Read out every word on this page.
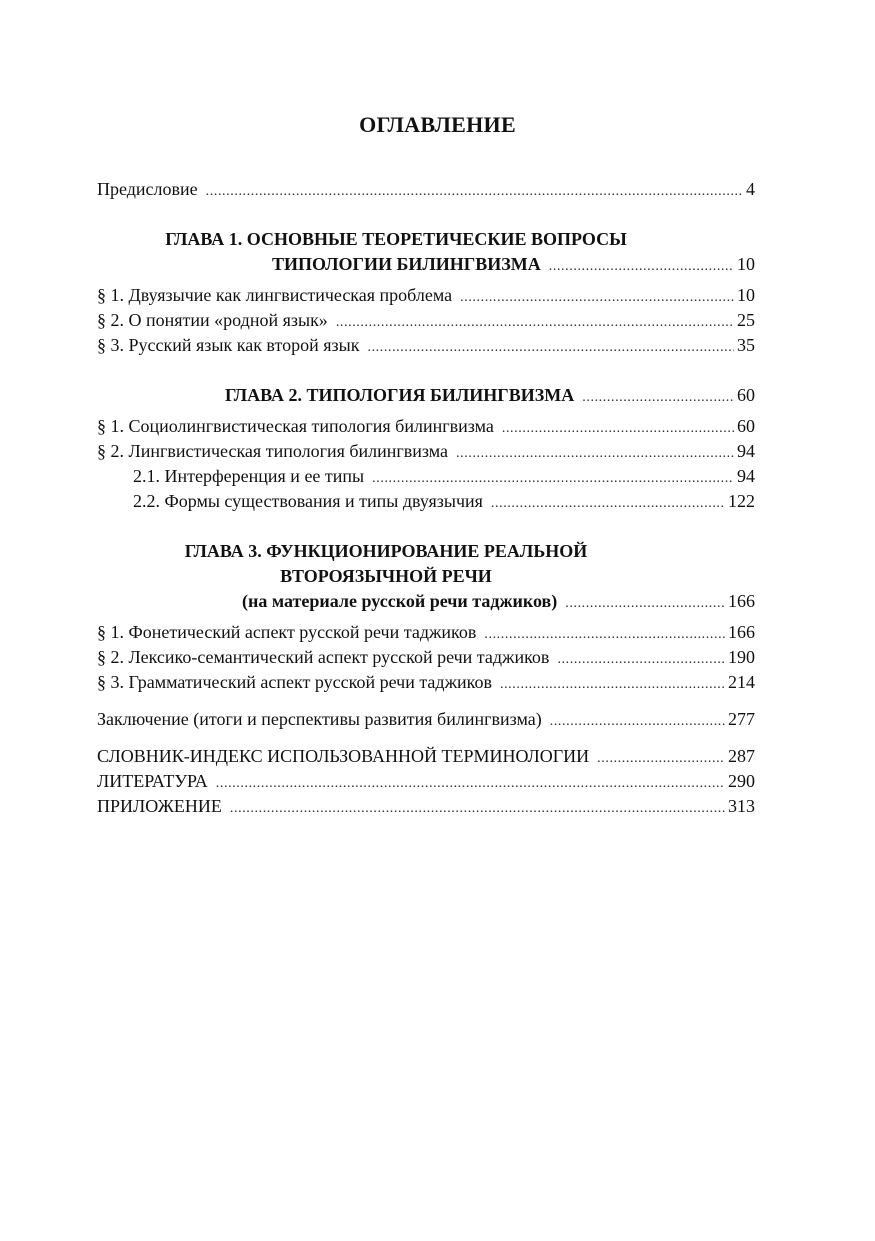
ОГЛАВЛЕНИЕ
Предисловие .....	4
ГЛАВА 1. ОСНОВНЫЕ ТЕОРЕТИЧЕСКИЕ ВОПРОСЫ
ТИПОЛОГИИ БИЛИНГВИЗМА .....	10
§ 1. Двуязычие как лингвистическая проблема .....	10
§ 2. О понятии «родной язык» .....	25
§ 3. Русский язык как второй язык .....	35
ГЛАВА 2. ТИПОЛОГИЯ БИЛИНГВИЗМА .....	60
§ 1. Социолингвистическая типология билингвизма .....	60
§ 2. Лингвистическая типология билингвизма .....	94
2.1. Интерференция и ее типы .....	94
2.2. Формы существования и типы двуязычия .....	122
ГЛАВА 3. ФУНКЦИОНИРОВАНИЕ РЕАЛЬНОЙ
ВТОРОЯЗЫЧНОЙ РЕЧИ
(на материале русской речи таджиков) .....	166
§ 1. Фонетический аспект русской речи таджиков .....	166
§ 2. Лексико-семантический аспект русской речи таджиков .....	190
§ 3. Грамматический аспект русской речи таджиков .....	214
Заключение (итоги и перспективы развития билингвизма) .....	277
СЛОВНИК-ИНДЕКС ИСПОЛЬЗОВАННОЙ ТЕРМИНОЛОГИИ .....	287
ЛИТЕРАТУРА .....	290
ПРИЛОЖЕНИЕ .....	313
